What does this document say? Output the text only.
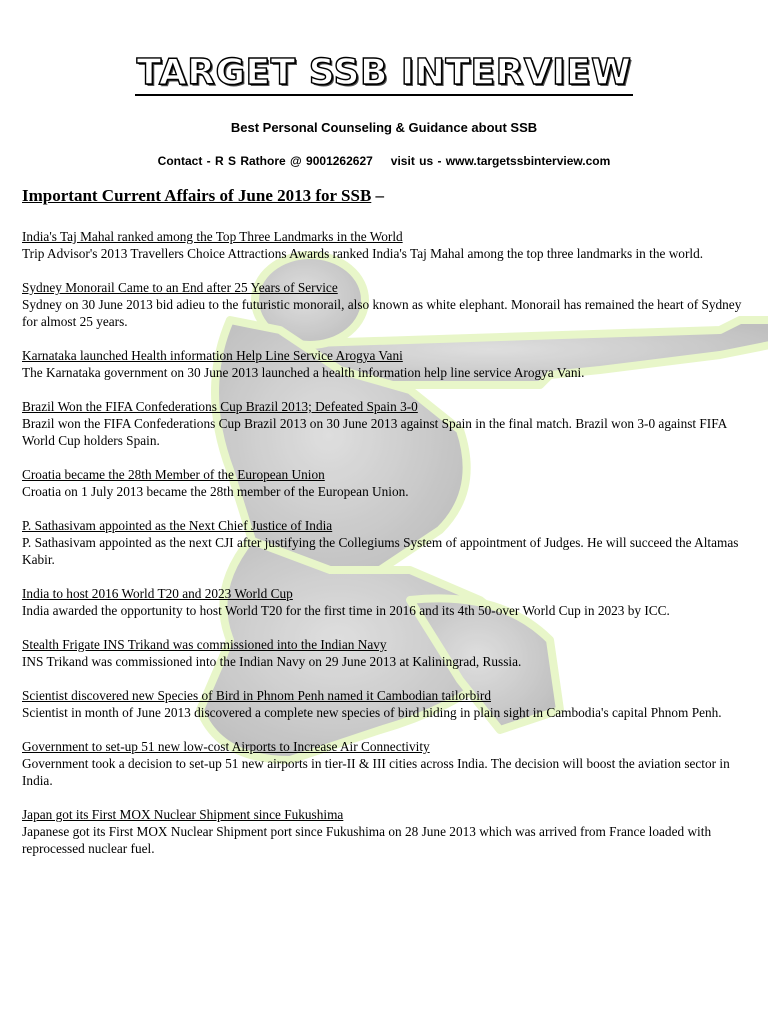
TARGET SSB INTERVIEW
Best Personal Counseling & Guidance about SSB
Contact - R S Rathore @ 9001262627 visit us - www.targetssbinterview.com
Important Current Affairs of June 2013 for SSB –
India's Taj Mahal ranked among the Top Three Landmarks in the World
Trip Advisor's 2013 Travellers Choice Attractions Awards ranked India's Taj Mahal among the top three landmarks in the world.
Sydney Monorail Came to an End after 25 Years of Service
Sydney on 30 June 2013 bid adieu to the futuristic monorail, also known as white elephant. Monorail has remained the heart of Sydney for almost 25 years.
Karnataka launched Health information Help Line Service Arogya Vani
The Karnataka government on 30 June 2013 launched a health information help line service Arogya Vani.
Brazil Won the FIFA Confederations Cup Brazil 2013; Defeated Spain 3-0
Brazil won the FIFA Confederations Cup Brazil 2013 on 30 June 2013 against Spain in the final match. Brazil won 3-0 against FIFA World Cup holders Spain.
Croatia became the 28th Member of the European Union
Croatia on 1 July 2013 became the 28th member of the European Union.
P. Sathasivam appointed as the Next Chief Justice of India
P. Sathasivam appointed as the next CJI after justifying the Collegiums System of appointment of Judges. He will succeed the Altamas Kabir.
India to host 2016 World T20 and 2023 World Cup
India awarded the opportunity to host World T20 for the first time in 2016 and its 4th 50-over World Cup in 2023 by ICC.
Stealth Frigate INS Trikand was commissioned into the Indian Navy
INS Trikand was commissioned into the Indian Navy on 29 June 2013 at Kaliningrad, Russia.
Scientist discovered new Species of Bird in Phnom Penh named it Cambodian tailorbird
Scientist in month of June 2013 discovered a complete new species of bird hiding in plain sight in Cambodia's capital Phnom Penh.
Government to set-up 51 new low-cost Airports to Increase Air Connectivity
Government took a decision to set-up 51 new airports in tier-II & III cities across India. The decision will boost the aviation sector in India.
Japan got its First MOX Nuclear Shipment since Fukushima
Japanese got its First MOX Nuclear Shipment port since Fukushima on 28 June 2013 which was arrived from France loaded with reprocessed nuclear fuel.
